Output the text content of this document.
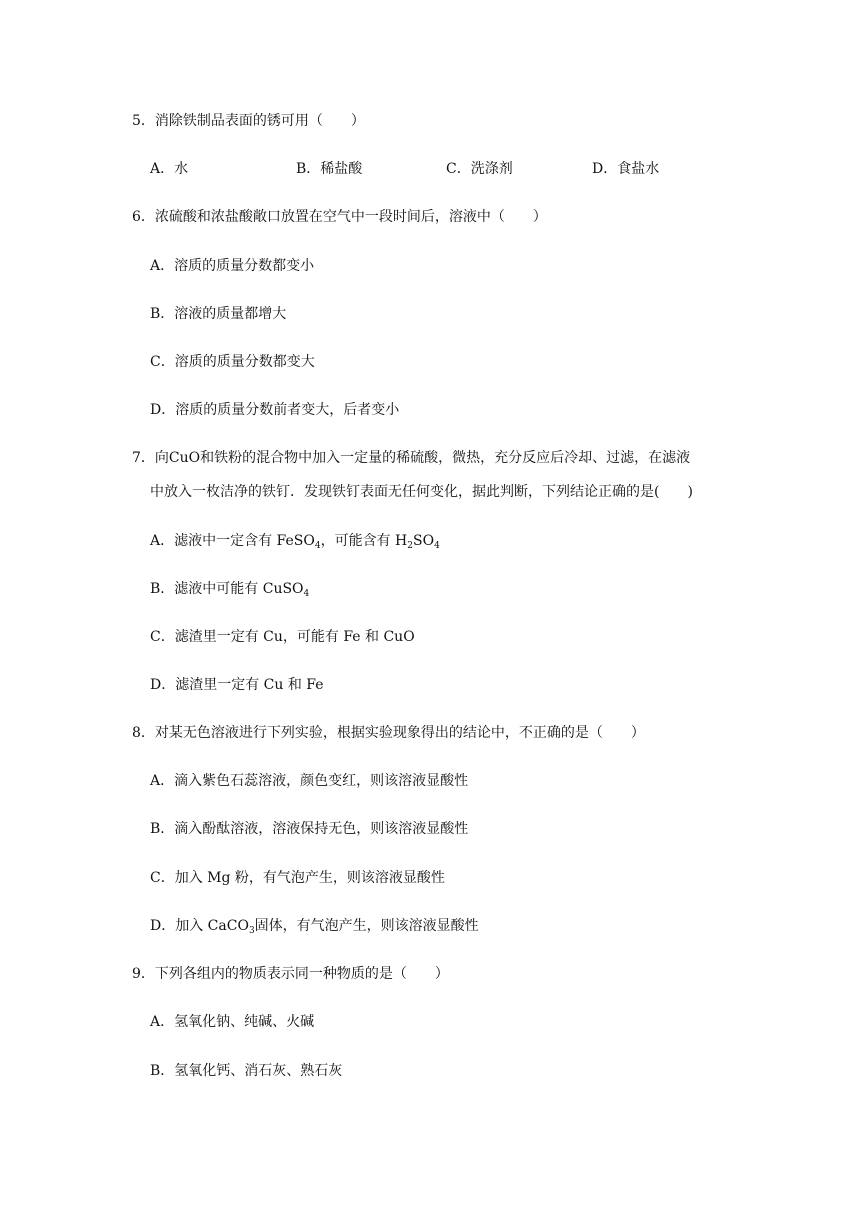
5．消除铁制品表面的锈可用（　　）
A．水	B．稀盐酸	C．洗涤剂	D．食盐水
6．浓硫酸和浓盐酸敞口放置在空气中一段时间后，溶液中（　　）
A．溶质的质量分数都变小
B．溶液的质量都增大
C．溶质的质量分数都变大
D．溶质的质量分数前者变大，后者变小
7．向CuO和铁粉的混合物中加入一定量的稀硫酸，微热，充分反应后冷却、过滤，在滤液
中放入一枚洁净的铁钉．发现铁钉表面无任何变化，据此判断，下列结论正确的是(　　)
A．滤液中一定含有 FeSO$_4$，可能含有 $H_2SO_4$
B．滤液中可能有 CuSO$_4$
C．滤渣里一定有 Cu，可能有 Fe 和 CuO
D．滤渣里一定有 Cu 和 Fe
8．对某无色溶液进行下列实验，根据实验现象得出的结论中，不正确的是（　　）
A．滴入紫色石蕊溶液，颜色变红，则该溶液显酸性
B．滴入酚酞溶液，溶液保持无色，则该溶液显酸性
C．加入 Mg 粉，有气泡产生，则该溶液显酸性
D．加入 CaCO$_3$固体，有气泡产生，则该溶液显酸性
9．下列各组内的物质表示同一种物质的是（　　）
A．氢氧化钠、纯碱、火碱
B．氢氧化钙、消石灰、熟石灰
